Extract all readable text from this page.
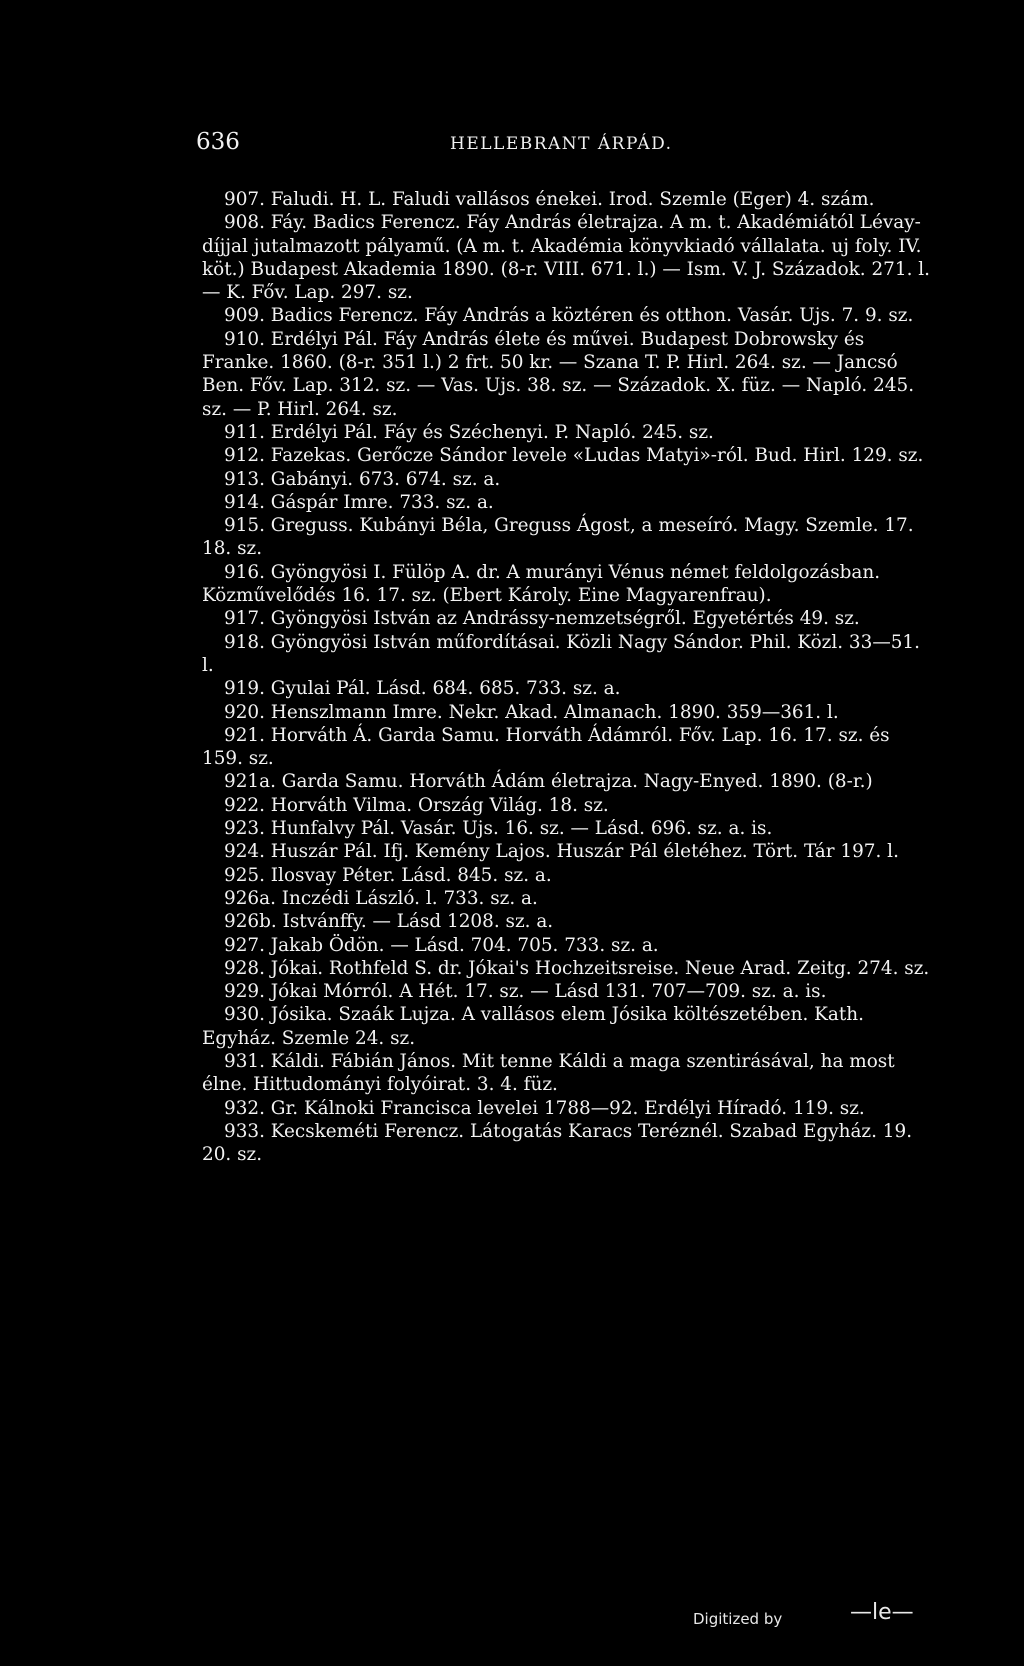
636	HELLEBRANT ÁRPÁD.

907. Faludi. H. L. Faludi vallásos énekei. Irod. Szemle (Eger) 4. szám.

908. Fáy. Badics Ferencz. Fáy András életrajza. A m. t. Akadémiától Lévay-díjjal jutalmazott pályamű. (A m. t. Akadémia könyvkiadó vállalata. uj foly. IV. köt.) Budapest Akademia 1890. (8-r. VIII. 671. l.) — Ism. V. J. Századok. 271. l. — K. Főv. Lap. 297. sz.

909. Badics Ferencz. Fáy András a köztéren és otthon. Vasár. Ujs. 7. 9. sz.

910. Erdélyi Pál. Fáy András élete és művei. Budapest Dobrowsky és Franke. 1860. (8-r. 351 l.) 2 frt. 50 kr. — Szana T. P. Hirl. 264. sz. — Jancsó Ben. Főv. Lap. 312. sz. — Vas. Ujs. 38. sz. — Századok. X. füz. — Napló. 245. sz. — P. Hirl. 264. sz.

911. Erdélyi Pál. Fáy és Széchenyi. P. Napló. 245. sz.

912. Fazekas. Gerőcze Sándor levele «Ludas Matyi»-ról. Bud. Hirl. 129. sz.

913. Gabányi. 673. 674. sz. a.

914. Gáspár Imre. 733. sz. a.

915. Greguss. Kubányi Béla, Greguss Ágost, a meseíró. Magy. Szemle. 17. 18. sz.

916. Gyöngyösi I. Fülöp A. dr. A murányi Vénus német feldolgozásban. Közművelődés 16. 17. sz. (Ebert Károly. Eine Magyarenfrau).

917. Gyöngyösi István az Andrássy-nemzetségről. Egyetértés 49. sz.

918. Gyöngyösi István műfordításai. Közli Nagy Sándor. Phil. Közl. 33—51. l.

919. Gyulai Pál. Lásd. 684. 685. 733. sz. a.

920. Henszlmann Imre. Nekr. Akad. Almanach. 1890. 359—361. l.

921. Horváth Á. Garda Samu. Horváth Ádámról. Főv. Lap. 16. 17. sz. és 159. sz.

921a. Garda Samu. Horváth Ádám életrajza. Nagy-Enyed. 1890. (8-r.)

922. Horváth Vilma. Ország Világ. 18. sz.

923. Hunfalvy Pál. Vasár. Ujs. 16. sz. — Lásd. 696. sz. a. is.

924. Huszár Pál. Ifj. Kemény Lajos. Huszár Pál életéhez. Tört. Tár 197. l.

925. Ilosvay Péter. Lásd. 845. sz. a.

926a. Inczédi László. l. 733. sz. a.

926b. Istvánffy. — Lásd 1208. sz. a.

927. Jakab Ödön. — Lásd. 704. 705. 733. sz. a.

928. Jókai. Rothfeld S. dr. Jókai's Hochzeitsreise. Neue Arad. Zeitg. 274. sz.

929. Jókai Mórról. A Hét. 17. sz. — Lásd 131. 707—709. sz. a. is.

930. Jósika. Szaák Lujza. A vallásos elem Jósika költészetében. Kath. Egyház. Szemle 24. sz.

931. Káldi. Fábián János. Mit tenne Káldi a maga szentirásával, ha most élne. Hittudományi folyóirat. 3. 4. füz.

932. Gr. Kálnoki Francisca levelei 1788—92. Erdélyi Híradó. 119. sz.

933. Kecskeméti Ferencz. Látogatás Karacs Teréznél. Szabad Egyház. 19. 20. sz.

Digitized by	—le—
